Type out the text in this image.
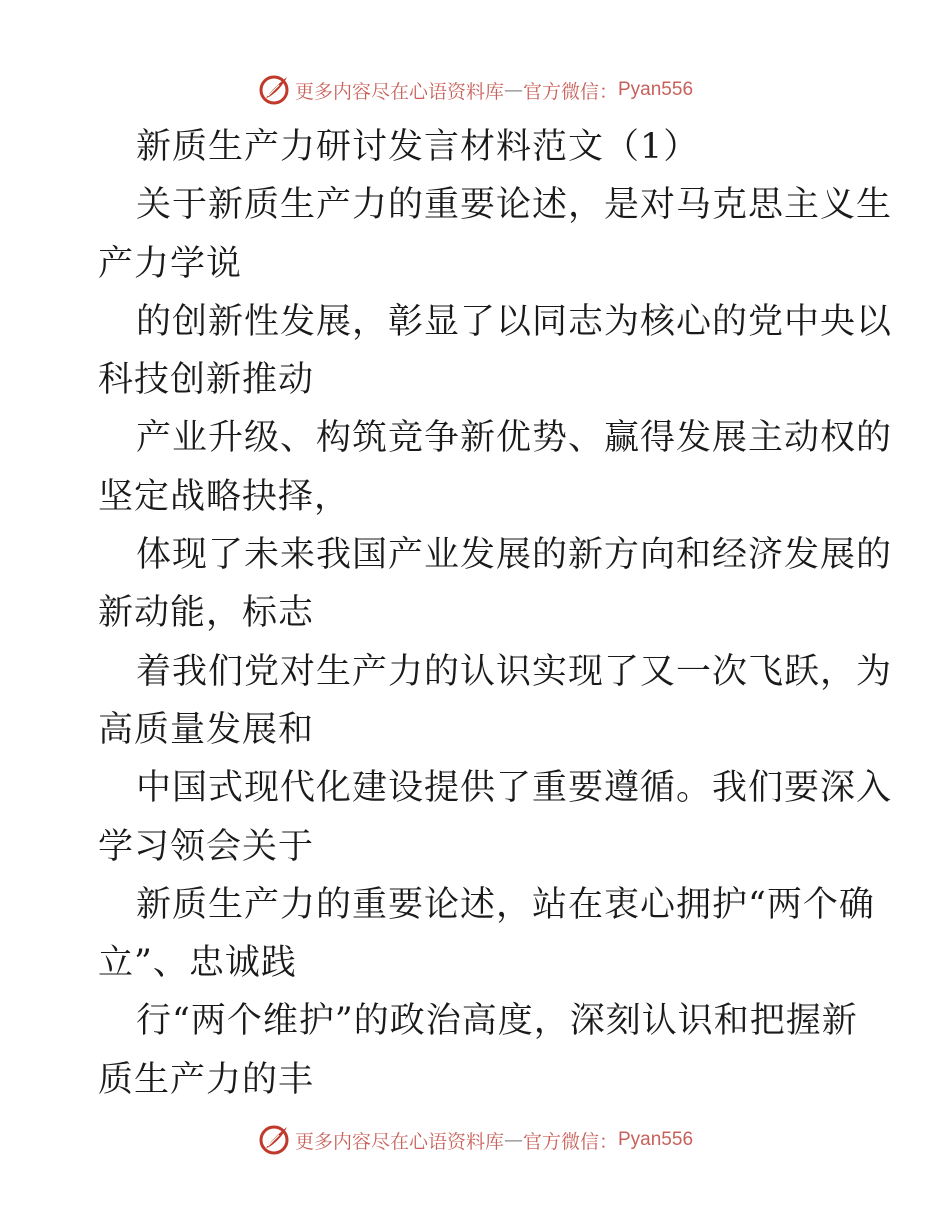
更多内容尽在心语资料库 — 官方微信： Pyan556
新质生产力研讨发言材料范文（1）
关于新质生产力的重要论述，是对马克思主义生
产力学说
的创新性发展，彰显了以同志为核心的党中央以
科技创新推动
产业升级、构筑竞争新优势、赢得发展主动权的
坚定战略抉择，
体现了未来我国产业发展的新方向和经济发展的
新动能，标志
着我们党对生产力的认识实现了又一次飞跃，为
高质量发展和
中国式现代化建设提供了重要遵循。我们要深入
学习领会关于
新质生产力的重要论述，站在衷心拥护“两个确
立”、忠诚践
行“两个维护”的政治高度，深刻认识和把握新
质生产力的丰
更多内容尽在心语资料库 — 官方微信： Pyan556
